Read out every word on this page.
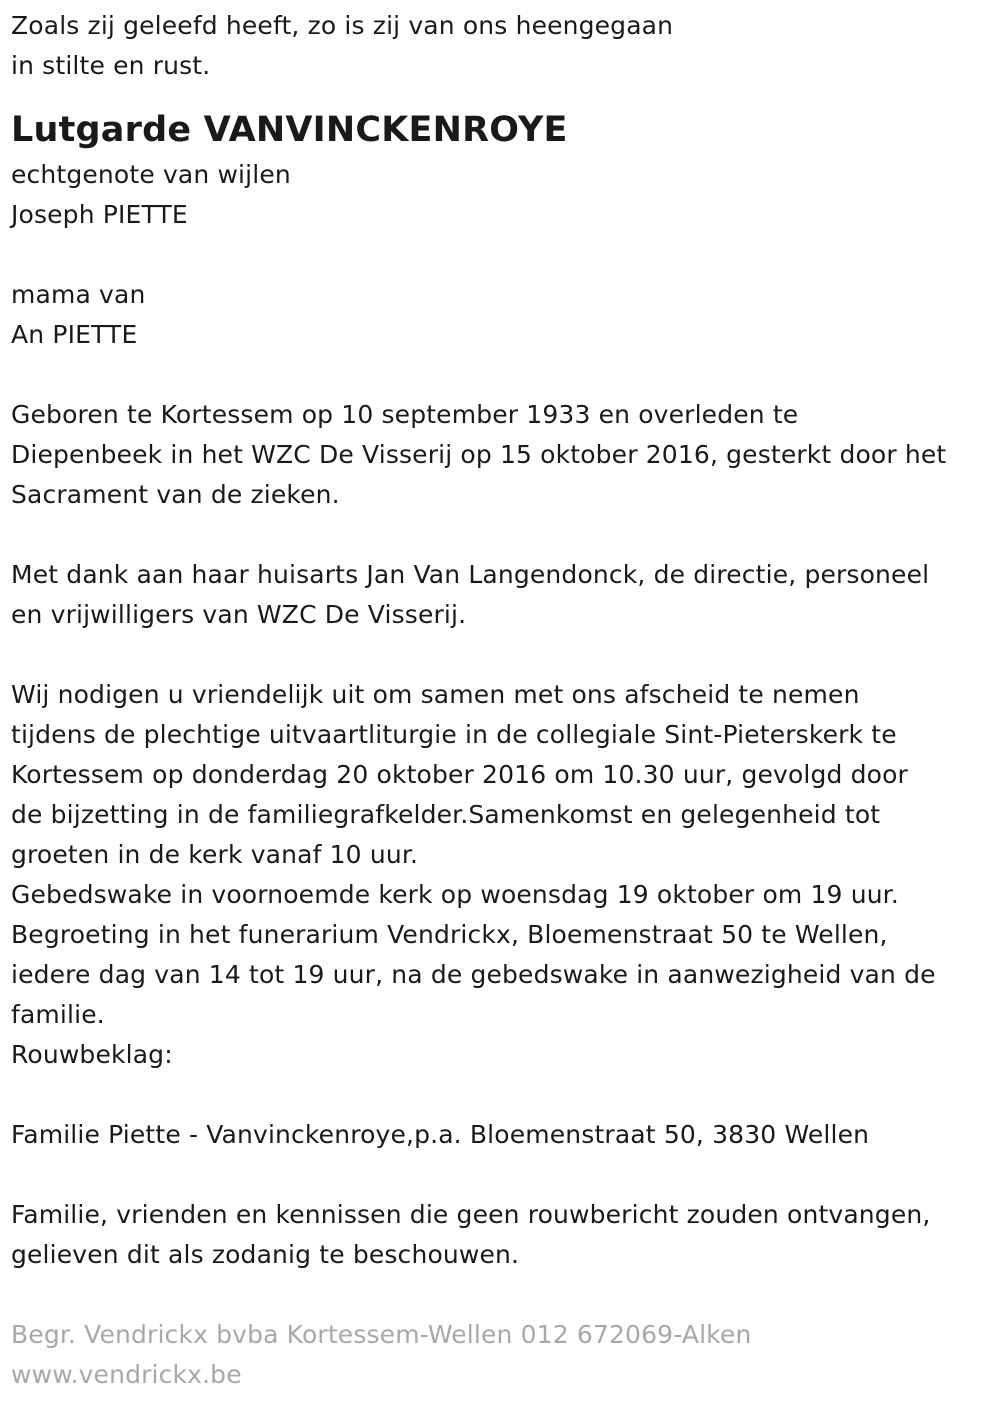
Zoals zij geleefd heeft, zo is zij van ons heengegaan
in stilte en rust.
Lutgarde VANVINCKENROYE
echtgenote van wijlen
Joseph PIETTE
mama van
An PIETTE
Geboren te Kortessem op 10 september 1933 en overleden te
Diepenbeek in het WZC De Visserij op 15 oktober 2016, gesterkt door het
Sacrament van de zieken.
Met dank aan haar huisarts Jan Van Langendonck, de directie, personeel
en vrijwilligers van WZC De Visserij.
Wij nodigen u vriendelijk uit om samen met ons afscheid te nemen
tijdens de plechtige uitvaartliturgie in de collegiale Sint-Pieterskerk te
Kortessem op donderdag 20 oktober 2016 om 10.30 uur, gevolgd door
de bijzetting in de familiegrafkelder.Samenkomst en gelegenheid tot
groeten in de kerk vanaf 10 uur.
Gebedswake in voornoemde kerk op woensdag 19 oktober om 19 uur.
Begroeting in het funerarium Vendrickx, Bloemenstraat 50 te Wellen,
iedere dag van 14 tot 19 uur, na de gebedswake in aanwezigheid van de
familie.
Rouwbeklag:
Familie Piette - Vanvinckenroye,p.a. Bloemenstraat 50, 3830 Wellen
Familie, vrienden en kennissen die geen rouwbericht zouden ontvangen,
gelieven dit als zodanig te beschouwen.
Begr. Vendrickx bvba Kortessem-Wellen 012 672069-Alken
www.vendrickx.be
